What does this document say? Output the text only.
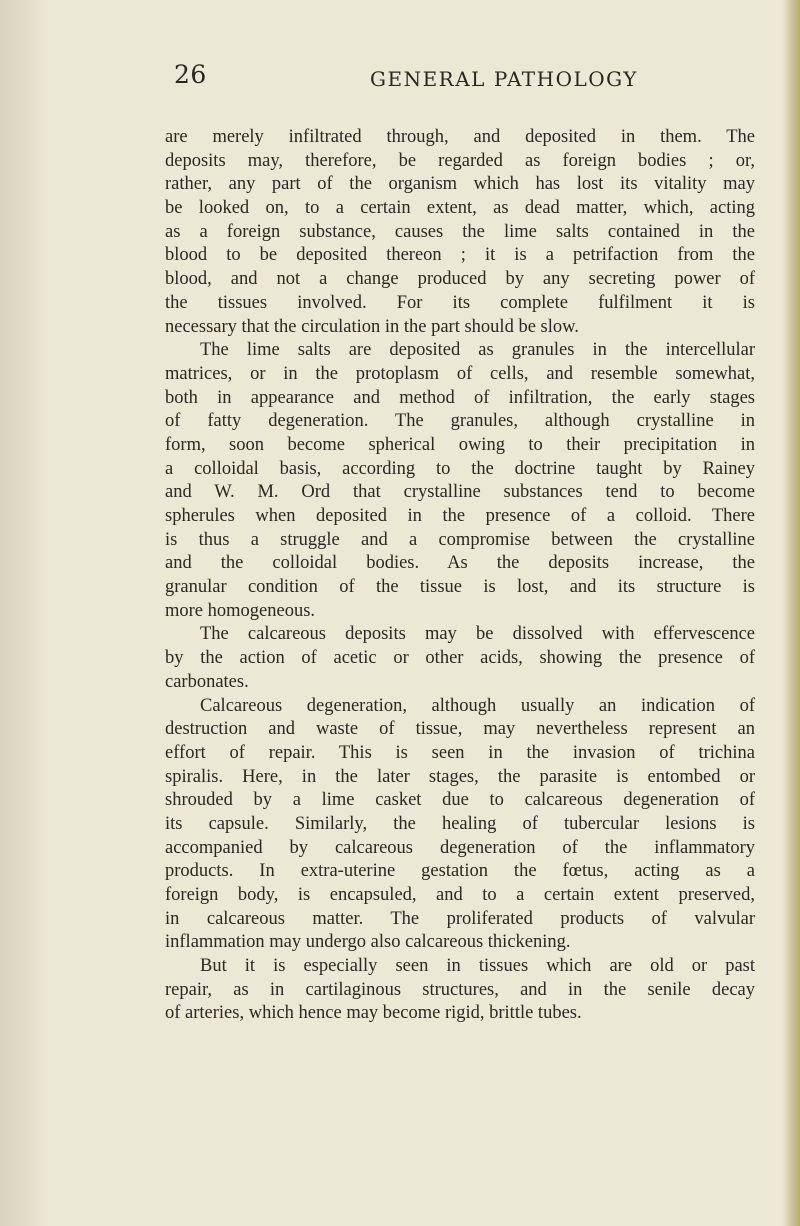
26	GENERAL PATHOLOGY
are merely infiltrated through, and deposited in them. The
deposits may, therefore, be regarded as foreign bodies ; or,
rather, any part of the organism which has lost its vitality may
be looked on, to a certain extent, as dead matter, which, acting
as a foreign substance, causes the lime salts contained in the
blood to be deposited thereon ; it is a petrifaction from the
blood, and not a change produced by any secreting power of
the tissues involved. For its complete fulfilment it is
necessary that the circulation in the part should be slow.
The lime salts are deposited as granules in the intercellular
matrices, or in the protoplasm of cells, and resemble somewhat,
both in appearance and method of infiltration, the early stages
of fatty degeneration. The granules, although crystalline in
form, soon become spherical owing to their precipitation in
a colloidal basis, according to the doctrine taught by Rainey
and W. M. Ord that crystalline substances tend to become
spherules when deposited in the presence of a colloid. There
is thus a struggle and a compromise between the crystalline
and the colloidal bodies. As the deposits increase, the
granular condition of the tissue is lost, and its structure is
more homogeneous.
The calcareous deposits may be dissolved with effervescence
by the action of acetic or other acids, showing the presence of
carbonates.
Calcareous degeneration, although usually an indication of
destruction and waste of tissue, may nevertheless represent an
effort of repair. This is seen in the invasion of trichina
spiralis. Here, in the later stages, the parasite is entombed or
shrouded by a lime casket due to calcareous degeneration of
its capsule. Similarly, the healing of tubercular lesions is
accompanied by calcareous degeneration of the inflammatory
products. In extra-uterine gestation the fœtus, acting as a
foreign body, is encapsuled, and to a certain extent preserved,
in calcareous matter. The proliferated products of valvular
inflammation may undergo also calcareous thickening.
But it is especially seen in tissues which are old or past
repair, as in cartilaginous structures, and in the senile decay
of arteries, which hence may become rigid, brittle tubes.
